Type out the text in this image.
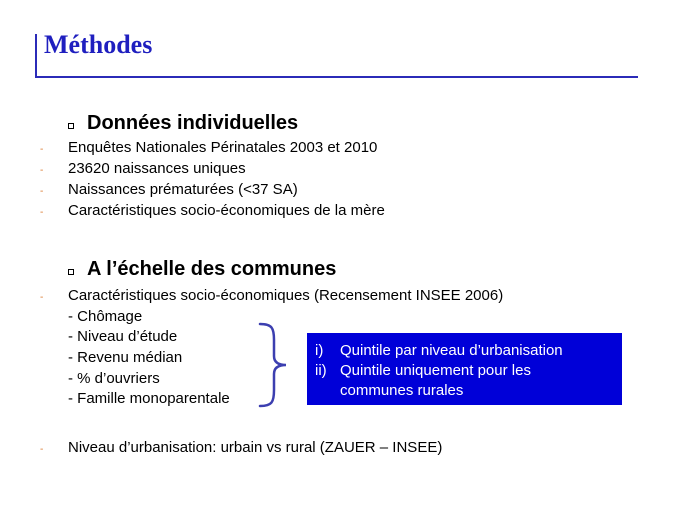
Méthodes
Données individuelles
- Enquêtes Nationales Périnatales 2003 et 2010
- 23620 naissances uniques
- Naissances prématurées (<37 SA)
- Caractéristiques socio-économiques de la mère
A l’échelle des communes
- Caractéristiques socio-économiques (Recensement INSEE 2006)
- Chômage
- Niveau d’étude
- Revenu médian
- % d’ouvriers
- Famille monoparentale
i) Quintile par niveau d’urbanisation
ii) Quintile uniquement pour les
communes rurales
- Niveau d’urbanisation: urbain vs rural (ZAUER – INSEE)
